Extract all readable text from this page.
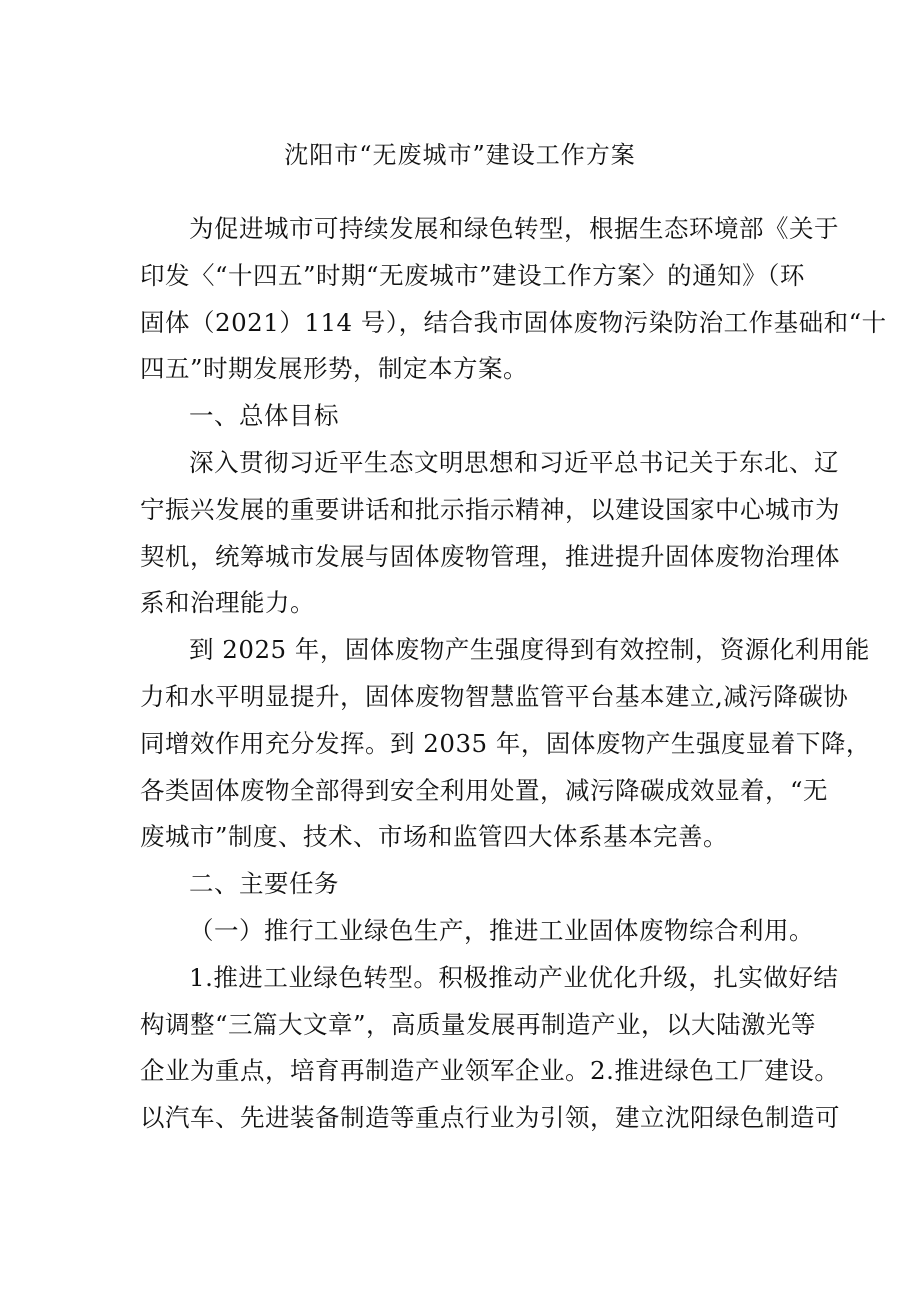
沈阳市“无废城市”建设工作方案
为促进城市可持续发展和绿色转型，根据生态环境部《关于
印发〈“十四五”时期“无废城市”建设工作方案〉的通知》（环
固体（2021）114 号），结合我市固体废物污染防治工作基础和“十
四五”时期发展形势，制定本方案。
一、总体目标
深入贯彻习近平生态文明思想和习近平总书记关于东北、辽
宁振兴发展的重要讲话和批示指示精神，以建设国家中心城市为
契机，统筹城市发展与固体废物管理，推进提升固体废物治理体
系和治理能力。
到 2025 年，固体废物产生强度得到有效控制，资源化利用能
力和水平明显提升，固体废物智慧监管平台基本建立,减污降碳协
同增效作用充分发挥。到 2035 年，固体废物产生强度显着下降，
各类固体废物全部得到安全利用处置，减污降碳成效显着，“无
废城市”制度、技术、市场和监管四大体系基本完善。
二、主要任务
（一）推行工业绿色生产，推进工业固体废物综合利用。
1.推进工业绿色转型。积极推动产业优化升级，扎实做好结
构调整“三篇大文章”，高质量发展再制造产业，以大陆激光等
企业为重点，培育再制造产业领军企业。2.推进绿色工厂建设。
以汽车、先进装备制造等重点行业为引领，建立沈阳绿色制造可
